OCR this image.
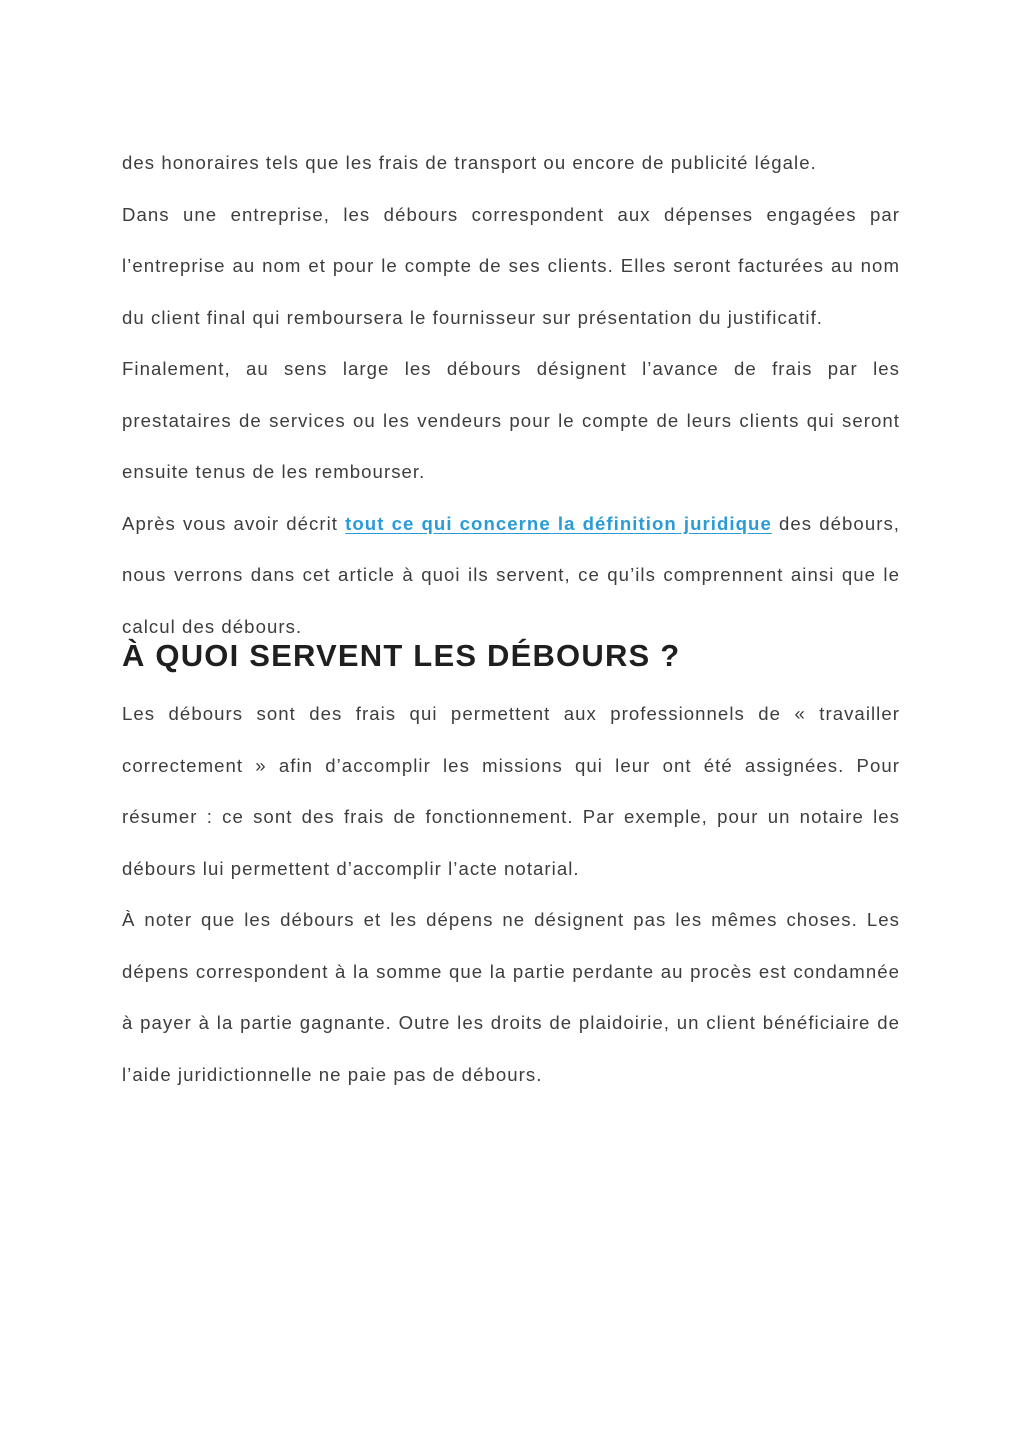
des honoraires tels que les frais de transport ou encore de publicité légale.

Dans une entreprise, les débours correspondent aux dépenses engagées par l’entreprise au nom et pour le compte de ses clients. Elles seront facturées au nom du client final qui remboursera le fournisseur sur présentation du justificatif.

Finalement, au sens large les débours désignent l’avance de frais par les prestataires de services ou les vendeurs pour le compte de leurs clients qui seront ensuite tenus de les rembourser.

Après vous avoir décrit tout ce qui concerne la définition juridique des débours, nous verrons dans cet article à quoi ils servent, ce qu’ils comprennent ainsi que le calcul des débours.

À QUOI SERVENT LES DÉBOURS ?

Les débours sont des frais qui permettent aux professionnels de « travailler correctement » afin d’accomplir les missions qui leur ont été assignées. Pour résumer : ce sont des frais de fonctionnement. Par exemple, pour un notaire les débours lui permettent d’accomplir l’acte notarial.

À noter que les débours et les dépens ne désignent pas les mêmes choses. Les dépens correspondent à la somme que la partie perdante au procès est condamnée à payer à la partie gagnante. Outre les droits de plaidoirie, un client bénéficiaire de l’aide juridictionnelle ne paie pas de débours.
